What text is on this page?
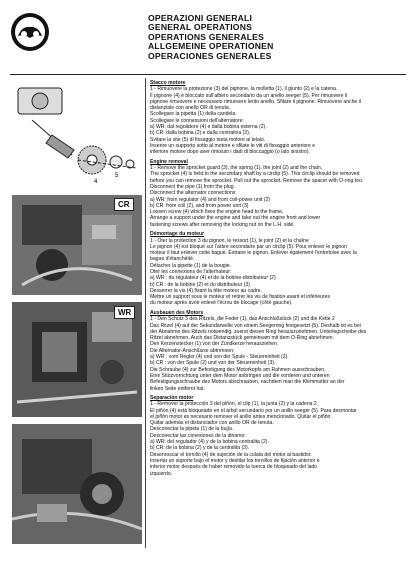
OPERAZIONI GENERALI
GENERAL OPERATIONS
OPERATIONS GENERALES
ALLGEMEINE OPERATIONEN
OPERACIONES GENERALES
4
5
CR
WR
Stacco motore
1 - Rimuovere la protezione (3) del pignone, la molletta (1), il giunto (2) e la catena.
Il pignone (4) è bloccato sull'albero secondario da un anello seeger (5). Per rimuovere il
pignone rimuovere e necessario rimuovere lento anello. Sfilare il pignone. Rimuovere anche il
distanziale con anello OR di tenuta.
Scollegare la pipetta (1) della candela.
Scollegare le connessioni dell'alternatore:
a) WR: dal regolatore (4) e dalla bobina esterna (2).
b) CR: dalla bobina (2) e dalla centralina (3).
Svitare la vite (5) di fissaggio testa motore al telaio.
Inserire un supporto sotto al motore e sfilate le viti di fissaggio anteriore e
inferiore motore dopo aver rimosso i dadi di bloccaggio (o lato sinistro).
Engine removal
1 - Remove the sprocket guard (3), the spring (1), the joint (2) and the chain.
The sprocket (4) is held to the secondary shaft by a circlip (5). This circlip should be removed
before you can remove the sprocket. Pull out the sprocket. Remove the spacer with O-ring too.
Disconnect the pipe (1) from the plug.
Disconnect the alternator connections:
a) WR: from regulator (4) and from coil-power unit (2)
b) CR: from coil (2), and from power unit (3)
Loosen screw (4) which fixes the engine head to the frame.
Arrange a support under the engine and take out the engine front and lower
fastening screws after removing the locking nut on the L.H. side.
Démontage du moteur
1 - Oter la protection 3 du pignon, le ressort (1), le joint (2) et la chaîne
Le pignon (4) est bloqué sur l'arbre secondaire par un circlip (5). Pour enlever le pignon
moteur il faut enlever cette bague. Extraire le pignon. Enlever également l'entretoise avec la
bague d'étanchéité.
Détacher la pipette (1) de la bougie.
Oter les connexions de l'alternateur:
a) WR : du régulateur (4) et de la bobine-distributeur (2)
b) CR : de la bobine (2) et du distributeur (3)
Desserrer la vis (4) fixant la tête moteur au cadre.
Mettre un support sous le moteur et retirer les vis de fixation avant et inférieures
du moteur après avoir enlevé l'écrou de blocage (côté gauche).
Ausbauen des Motors
1 - Den Schutz 3 des Ritzels, die Feder (1), das Anschlußstück (2) und die Kette 2
Das Ritzel (4) auf der Sekundärwelle von einem Seegerring festgesetzt (5). Deshalb ist es bei
der Abnahme des Ritzels notwendig, zuerst diesen Ring herauszunehmen. Unterlegscheibe des
Ritzel abnehmen. Auch das Distanzstück gemeinsam mit dem O-Ring abnehmen.
Den Kerzenstecker (1) von der Zündkerze herausziehen.
Die Alternator-Anschlüsse abtrennen:
a) WR : vom Regler (4) und von der Spule - Steuereinheit (2).
b) CR : von der Spule (2) und von der Steuereinheit (3).
Die Schraube (4) zur Befestigung des Motorkopfs am Rahmen ausschrauben.
Eine Stützvorrichtung unter dem Motor anbringen und die vorderen und unteren
Befestigungsschraube des Motors abschrauben, nachdem man die Klemmutter an der
linken Seite entfernt hat.
Separación motor
1 - Remover la protección 3 del piñón, el clip (1), la junta (2) y la cadena 2
El piñón (4) está bloqueado en el árbol secundario por un anillo seeger (5). Para desmontar
el piñón motor es necesario remover el anillo antes mencionado. Quitar el piñón.
Quitar además el distanciador con anillo OR de tenuta.
Desconectar la pipeta (1) de la bujía.
Desconectar las conexiones de la dinamo:
a) WR: del regulador (4) y de la bobina centralita (2).
b) CR: de la bobina (2) y de la centralita (3).
Desenroscar el tornillo (4) de sujeción de la culata del motor al bastidor.
Insertar un soporte bajo el motor y destilar los tornillos de fijación anterior e
inferior motor después de haber removido la tuerca de bloqueado del lado
izquierdo.
